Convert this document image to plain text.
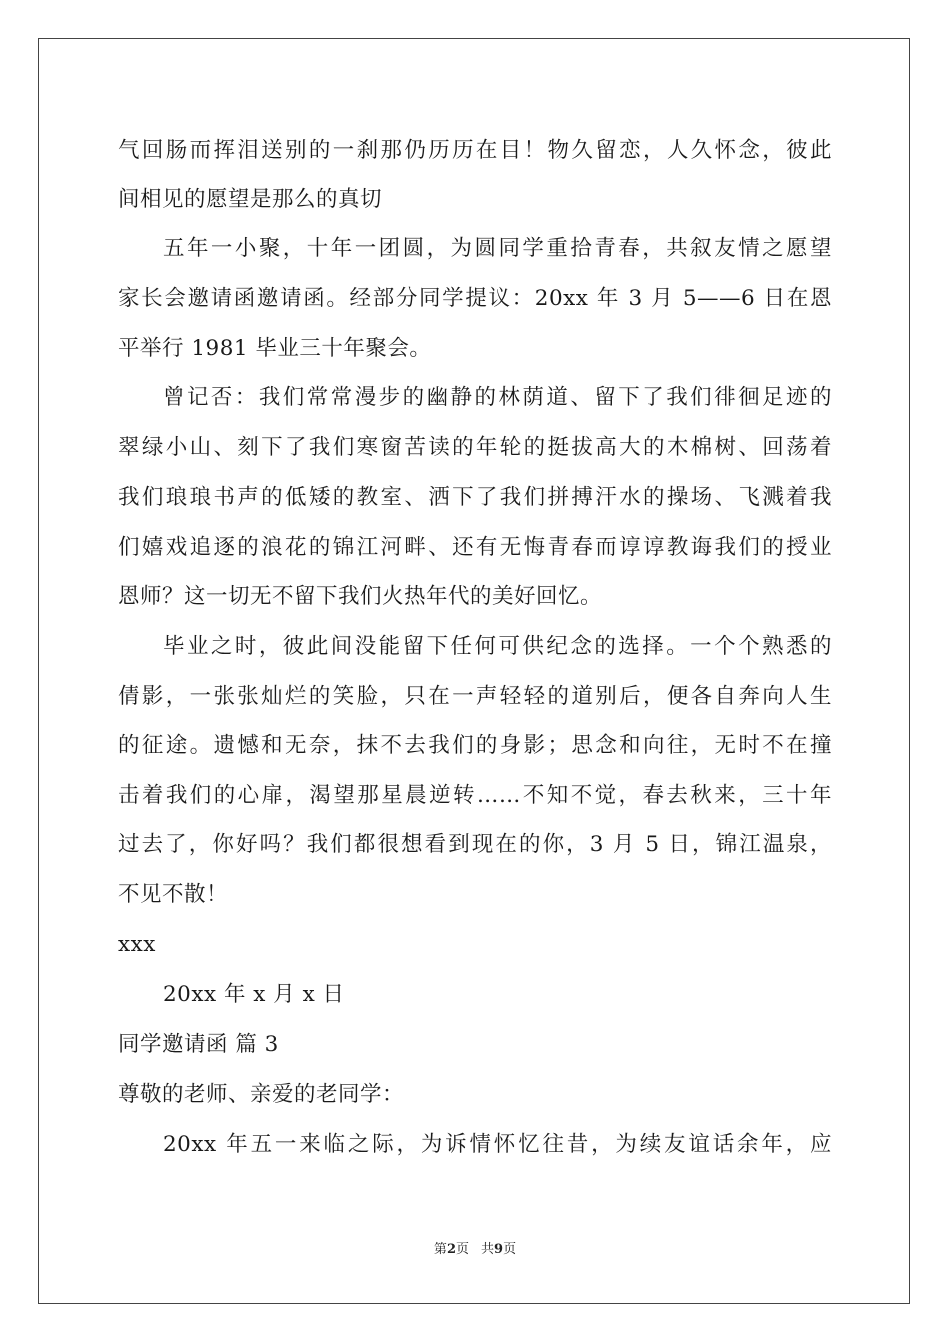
气回肠而挥泪送别的一刹那仍历历在目！物久留恋，人久怀念，彼此
间相见的愿望是那么的真切
五年一小聚，十年一团圆，为圆同学重拾青春，共叙友情之愿望
家长会邀请函邀请函。经部分同学提议：20xx 年 3 月 5——6 日在恩
平举行 1981 毕业三十年聚会。
曾记否：我们常常漫步的幽静的林荫道、留下了我们徘徊足迹的
翠绿小山、刻下了我们寒窗苦读的年轮的挺拔高大的木棉树、回荡着
我们琅琅书声的低矮的教室、洒下了我们拼搏汗水的操场、飞溅着我
们嬉戏追逐的浪花的锦江河畔、还有无悔青春而谆谆教诲我们的授业
恩师？这一切无不留下我们火热年代的美好回忆。
毕业之时，彼此间没能留下任何可供纪念的选择。一个个熟悉的
倩影，一张张灿烂的笑脸，只在一声轻轻的道别后，便各自奔向人生
的征途。遗憾和无奈，抹不去我们的身影；思念和向往，无时不在撞
击着我们的心扉，渴望那星晨逆转……不知不觉，春去秋来，三十年
过去了，你好吗？我们都很想看到现在的你，3 月 5 日，锦江温泉，
不见不散！
xxx
20xx 年 x 月 x 日
同学邀请函 篇 3
尊敬的老师、亲爱的老同学：
20xx 年五一来临之际，为诉情怀忆往昔，为续友谊话余年，应
第2页 共9页
